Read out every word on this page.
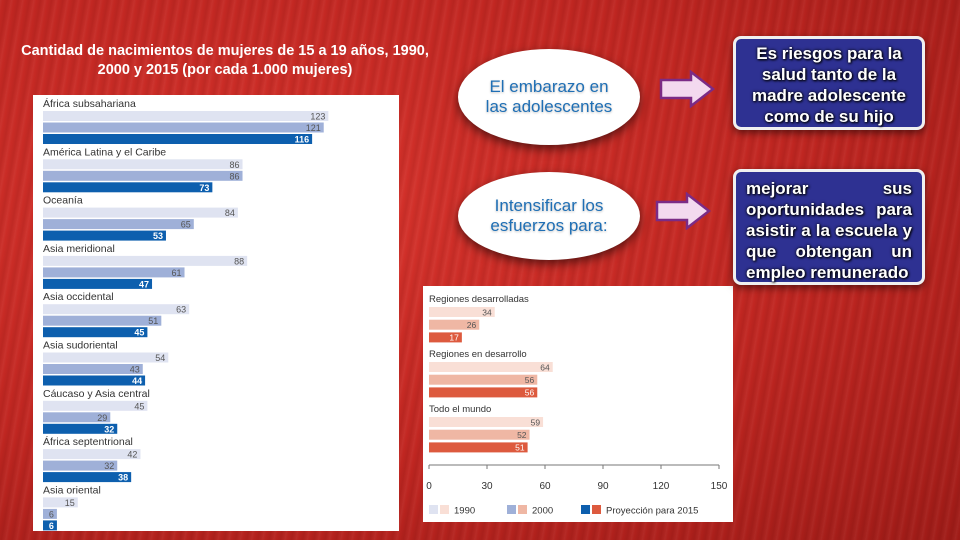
Cantidad de nacimientos de mujeres de 15 a 19 años, 1990, 2000 y 2015 (por cada 1.000 mujeres)
África subsahariana
123
121
116
América Latina y el Caribe
86
86
73
Oceanía
84
65
53
Asia meridional
88
61
47
Asia occidental
63
51
45
Asia sudoriental
54
43
44
Cáucaso y Asia central
45
29
32
África septentrional
42
32
38
Asia oriental
15
6
6
Regiones desarrolladas
34
26
17
Regiones en desarrollo
64
56
56
Todo el mundo
59
52
51
0	30	60	90	120	150
1990	2000	Proyección para 2015
El embarazo en las adolescentes
Intensificar los esfuerzos para:
Es riesgos para la salud tanto de la madre adolescente como de su hijo
mejorar sus oportunidades para asistir a la escuela y que obtengan un empleo remunerado
